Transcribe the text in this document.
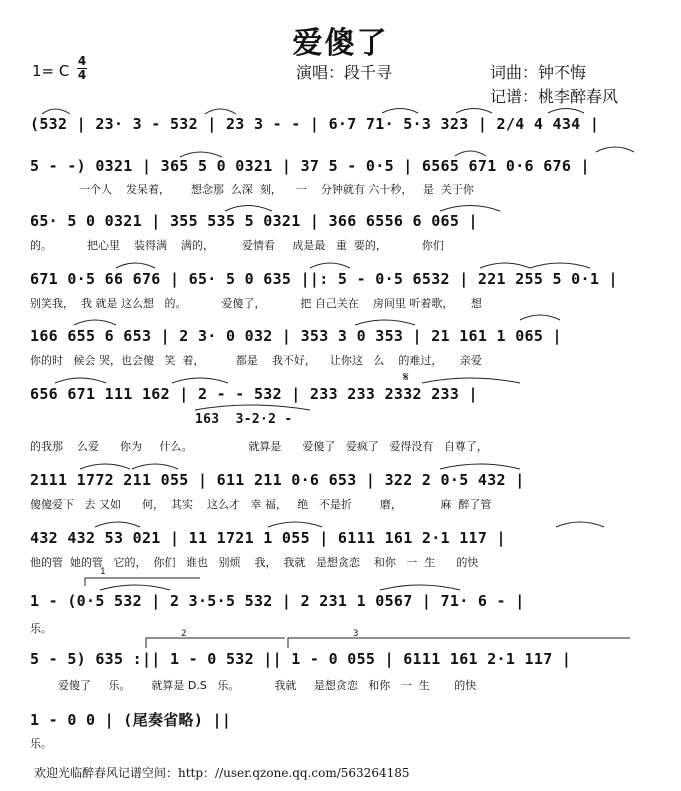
爱傻了
1= C
4
4	演唱：段千寻	词曲：钟不悔
记谱：桃李醉春风
(532 | 23· 3 - 532 | 23 3 - - | 6·7 71· 5·3 323 | 2/4 4 434 |
5 - -) 0321 | 365 5 0 0321 | 37 5 - 0·5 | 6565 671 0·6 676 |
一个人    发呆着，      想念那  么深  刻，    一    分钟就有 六十秒，   是  关于你
65· 5 0 0321 | 355 535 5 0321 | 366 6556 6 065 |
的。          把心里    装得满    满的，        爱情看     成是最   重  要的，          你们
671 0·5 66 676 | 65· 5 0 635 ||: 5 - 0·5 6532 | 221 255 5 0·1 |
别笑我，  我 就是 这么想   的。          爱傻了，          把 自己关在    房间里 听着歌，     想
166 655 6 653 | 2 3· 0 032 | 353 3 0 353 | 21 161 1 065 |
你的时   候会 哭，也会傻   笑  着，         都是    我不好，    让你这   么    的难过，     亲爱
656 671 111 162 | 2 - - 532 | 233 233 2332 233 |
163  3-2·2 -
的我那    么爱      你为     什么。                就算是      爱傻了   爱疯了   爱得没有   自尊了，
𝄋
2111 1772 211 055 | 611 211 0·6 653 | 322 2 0·5 432 |
傻傻爱下   去 又如      何，  其实    这么才   幸 福，   绝   不是折        磨，           麻  醉了管
432 432 53 021 | 11 1721 1 055 | 6111 161 2·1 117 |
他的管  她的管   它的，  你们   谁也   别烦    我，  我就   是想贪恋    和你   一  生      的快
1 - (0·5 532 | 2 3·5·5 532 | 2 231 1 0567 | 71· 6 - |
乐。
1
2	3
5 - 5) 635 :|| 1 - 0 532 || 1 - 0 055 | 6111 161 2·1 117 |
爱傻了     乐。      就算是 D.S   乐。          我就     是想贪恋   和你   一  生       的快
1 - 0 0 | (尾奏省略) ||
乐。
欢迎光临醉春风记谱空间：http：//user.qzone.qq.com/563264185
